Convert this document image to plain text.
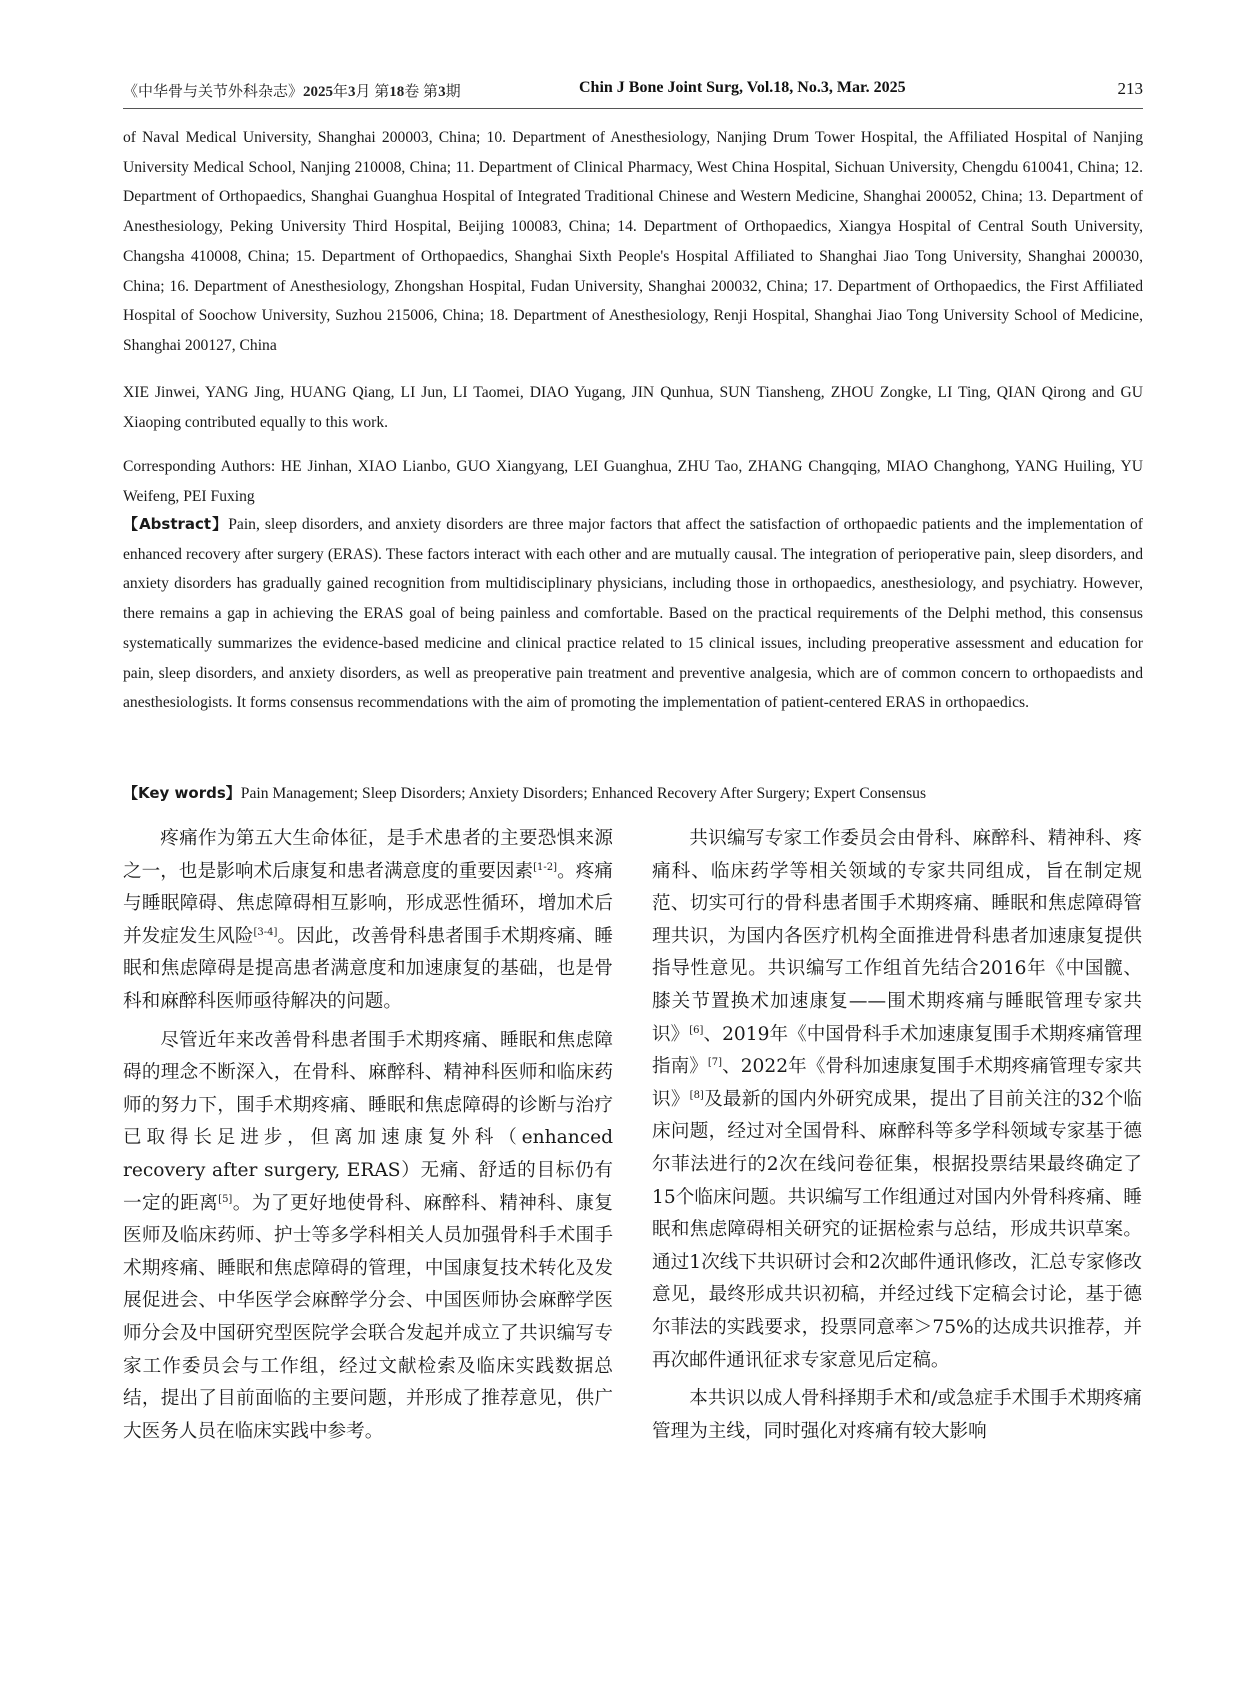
《中华骨与关节外科杂志》2025年3月 第18卷 第3期	Chin J Bone Joint Surg, Vol.18, No.3, Mar. 2025	213

of Naval Medical University, Shanghai 200003, China; 10. Department of Anesthesiology, Nanjing Drum Tower Hospital, the Affiliated Hospital of Nanjing University Medical School, Nanjing 210008, China; 11. Department of Clinical Pharmacy, West China Hospital, Sichuan University, Chengdu 610041, China; 12. Department of Orthopaedics, Shanghai Guanghua Hospital of Integrated Traditional Chinese and Western Medicine, Shanghai 200052, China; 13. Department of Anesthesiology, Peking University Third Hospital, Beijing 100083, China; 14. Department of Orthopaedics, Xiangya Hospital of Central South University, Changsha 410008, China; 15. Department of Orthopaedics, Shanghai Sixth People's Hospital Affiliated to Shanghai Jiao Tong University, Shanghai 200030, China; 16. Department of Anesthesiology, Zhongshan Hospital, Fudan University, Shanghai 200032, China; 17. Department of Orthopaedics, the First Affiliated Hospital of Soochow University, Suzhou 215006, China; 18. Department of Anesthesiology, Renji Hospital, Shanghai Jiao Tong University School of Medicine, Shanghai 200127, China

XIE Jinwei, YANG Jing, HUANG Qiang, LI Jun, LI Taomei, DIAO Yugang, JIN Qunhua, SUN Tiansheng, ZHOU Zongke, LI Ting, QIAN Qirong and GU Xiaoping contributed equally to this work.

Corresponding Authors: HE Jinhan, XIAO Lianbo, GUO Xiangyang, LEI Guanghua, ZHU Tao, ZHANG Changqing, MIAO Changhong, YANG Huiling, YU Weifeng, PEI Fuxing

【Abstract】Pain, sleep disorders, and anxiety disorders are three major factors that affect the satisfaction of orthopaedic patients and the implementation of enhanced recovery after surgery (ERAS). These factors interact with each other and are mutually causal. The integration of perioperative pain, sleep disorders, and anxiety disorders has gradually gained recognition from multidisciplinary physicians, including those in orthopaedics, anesthesiology, and psychiatry. However, there remains a gap in achieving the ERAS goal of being painless and comfortable. Based on the practical requirements of the Delphi method, this consensus systematically summarizes the evidence-based medicine and clinical practice related to 15 clinical issues, including preoperative assessment and education for pain, sleep disorders, and anxiety disorders, as well as preoperative pain treatment and preventive analgesia, which are of common concern to orthopaedists and anesthesiologists. It forms consensus recommendations with the aim of promoting the implementation of patient-centered ERAS in orthopaedics.

【Key words】Pain Management; Sleep Disorders; Anxiety Disorders; Enhanced Recovery After Surgery; Expert Consensus

疼痛作为第五大生命体征，是手术患者的主要恐惧来源之一，也是影响术后康复和患者满意度的重要因素[1-2]。疼痛与睡眠障碍、焦虑障碍相互影响，形成恶性循环，增加术后并发症发生风险[3-4]。因此，改善骨科患者围手术期疼痛、睡眠和焦虑障碍是提高患者满意度和加速康复的基础，也是骨科和麻醉科医师亟待解决的问题。

尽管近年来改善骨科患者围手术期疼痛、睡眠和焦虑障碍的理念不断深入，在骨科、麻醉科、精神科医师和临床药师的努力下，围手术期疼痛、睡眠和焦虑障碍的诊断与治疗已取得长足进步，但离加速康复外科（enhanced recovery after surgery, ERAS）无痛、舒适的目标仍有一定的距离[5]。为了更好地使骨科、麻醉科、精神科、康复医师及临床药师、护士等多学科相关人员加强骨科手术围手术期疼痛、睡眠和焦虑障碍的管理，中国康复技术转化及发展促进会、中华医学会麻醉学分会、中国医师协会麻醉学医师分会及中国研究型医院学会联合发起并成立了共识编写专家工作委员会与工作组，经过文献检索及临床实践数据总结，提出了目前面临的主要问题，并形成了推荐意见，供广大医务人员在临床实践中参考。

共识编写专家工作委员会由骨科、麻醉科、精神科、疼痛科、临床药学等相关领域的专家共同组成，旨在制定规范、切实可行的骨科患者围手术期疼痛、睡眠和焦虑障碍管理共识，为国内各医疗机构全面推进骨科患者加速康复提供指导性意见。共识编写工作组首先结合2016年《中国髋、膝关节置换术加速康复——围术期疼痛与睡眠管理专家共识》[6]、2019年《中国骨科手术加速康复围手术期疼痛管理指南》[7]、2022年《骨科加速康复围手术期疼痛管理专家共识》[8]及最新的国内外研究成果，提出了目前关注的32个临床问题，经过对全国骨科、麻醉科等多学科领域专家基于德尔菲法进行的2次在线问卷征集，根据投票结果最终确定了15个临床问题。共识编写工作组通过对国内外骨科疼痛、睡眠和焦虑障碍相关研究的证据检索与总结，形成共识草案。通过1次线下共识研讨会和2次邮件通讯修改，汇总专家修改意见，最终形成共识初稿，并经过线下定稿会讨论，基于德尔菲法的实践要求，投票同意率＞75%的达成共识推荐，并再次邮件通讯征求专家意见后定稿。

本共识以成人骨科择期手术和/或急症手术围手术期疼痛管理为主线，同时强化对疼痛有较大影响
